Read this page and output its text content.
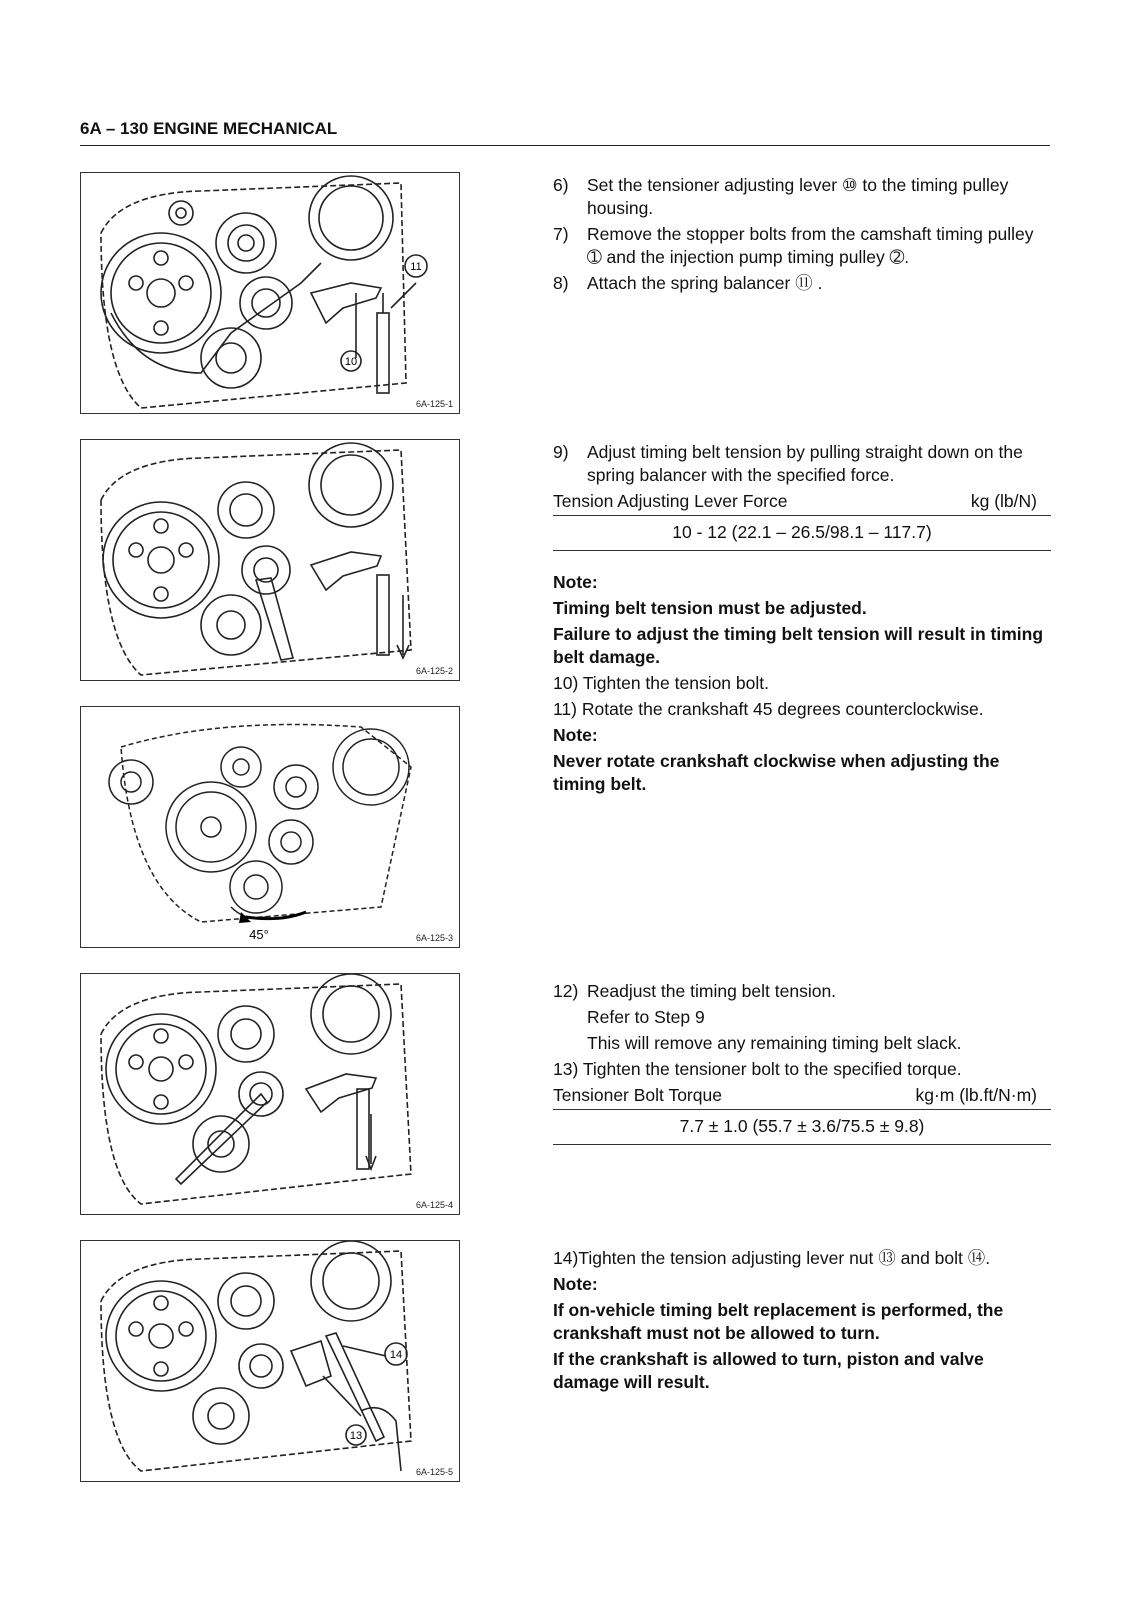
6A – 130 ENGINE MECHANICAL
11
10
6A-125-1
6A-125-2
45°	6A-125-3
6A-125-4
14
13
6A-125-5
6) Set the tensioner adjusting lever ⑩ to the timing pulley housing.
7) Remove the stopper bolts from the camshaft timing pulley ➀ and the injection pump timing pulley ➁.
8) Attach the spring balancer ⑪ .
9) Adjust timing belt tension by pulling straight down on the spring balancer with the specified force.
Tension Adjusting Lever Force	kg (lb/N)
10 - 12 (22.1 – 26.5/98.1 – 117.7)
Note:
Timing belt tension must be adjusted.
Failure to adjust the timing belt tension will result in timing belt damage.
10) Tighten the tension bolt.
11) Rotate the crankshaft 45 degrees counterclockwise.
Note:
Never rotate crankshaft clockwise when adjusting the timing belt.
12) Readjust the timing belt tension.
Refer to Step 9
This will remove any remaining timing belt slack.
13) Tighten the tensioner bolt to the specified torque.
Tensioner Bolt Torque	kg·m (lb.ft/N·m)
7.7 ± 1.0 (55.7 ± 3.6/75.5 ± 9.8)
14)Tighten the tension adjusting lever nut ⑬ and bolt ⑭.
Note:
If on-vehicle timing belt replacement is performed, the crankshaft must not be allowed to turn.
If the crankshaft is allowed to turn, piston and valve damage will result.
